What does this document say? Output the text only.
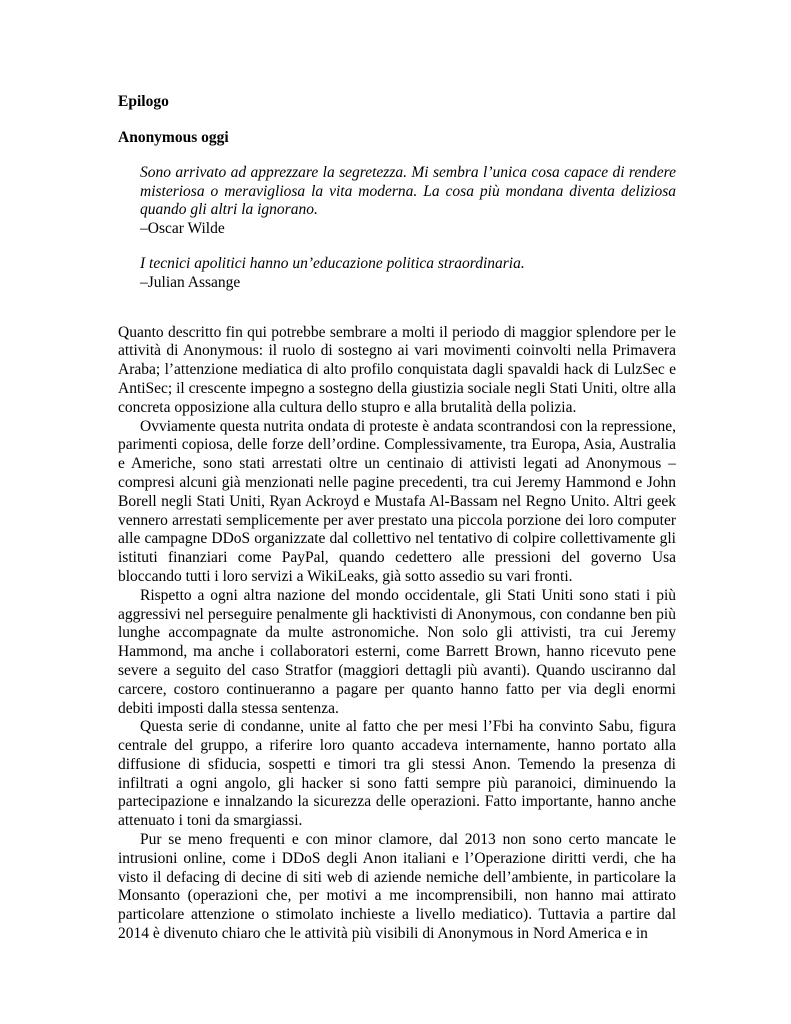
Epilogo
Anonymous oggi

Sono arrivato ad apprezzare la segretezza. Mi sembra l’unica cosa capace di rendere misteriosa o meravigliosa la vita moderna. La cosa più mondana diventa deliziosa quando gli altri la ignorano.

–Oscar Wilde

I tecnici apolitici hanno un’educazione politica straordinaria.

–Julian Assange

Quanto descritto fin qui potrebbe sembrare a molti il periodo di maggior splendore per le attività di Anonymous: il ruolo di sostegno ai vari movimenti coinvolti nella Primavera Araba; l’attenzione mediatica di alto profilo conquistata dagli spavaldi hack di LulzSec e AntiSec; il crescente impegno a sostegno della giustizia sociale negli Stati Uniti, oltre alla concreta opposizione alla cultura dello stupro e alla brutalità della polizia.

Ovviamente questa nutrita ondata di proteste è andata scontrandosi con la repressione, parimenti copiosa, delle forze dell’ordine. Complessivamente, tra Europa, Asia, Australia e Americhe, sono stati arrestati oltre un centinaio di attivisti legati ad Anonymous – compresi alcuni già menzionati nelle pagine precedenti, tra cui Jeremy Hammond e John Borell negli Stati Uniti, Ryan Ackroyd e Mustafa Al-Bassam nel Regno Unito. Altri geek vennero arrestati semplicemente per aver prestato una piccola porzione dei loro computer alle campagne DDoS organizzate dal collettivo nel tentativo di colpire collettivamente gli istituti finanziari come PayPal, quando cedettero alle pressioni del governo Usa bloccando tutti i loro servizi a WikiLeaks, già sotto assedio su vari fronti.

Rispetto a ogni altra nazione del mondo occidentale, gli Stati Uniti sono stati i più aggressivi nel perseguire penalmente gli hacktivisti di Anonymous, con condanne ben più lunghe accompagnate da multe astronomiche. Non solo gli attivisti, tra cui Jeremy Hammond, ma anche i collaboratori esterni, come Barrett Brown, hanno ricevuto pene severe a seguito del caso Stratfor (maggiori dettagli più avanti). Quando usciranno dal carcere, costoro continueranno a pagare per quanto hanno fatto per via degli enormi debiti imposti dalla stessa sentenza.

Questa serie di condanne, unite al fatto che per mesi l’Fbi ha convinto Sabu, figura centrale del gruppo, a riferire loro quanto accadeva internamente, hanno portato alla diffusione di sfiducia, sospetti e timori tra gli stessi Anon. Temendo la presenza di infiltrati a ogni angolo, gli hacker si sono fatti sempre più paranoici, diminuendo la partecipazione e innalzando la sicurezza delle operazioni. Fatto importante, hanno anche attenuato i toni da smargiassi.

Pur se meno frequenti e con minor clamore, dal 2013 non sono certo mancate le intrusioni online, come i DDoS degli Anon italiani e l’Operazione diritti verdi, che ha visto il defacing di decine di siti web di aziende nemiche dell’ambiente, in particolare la Monsanto (operazioni che, per motivi a me incomprensibili, non hanno mai attirato particolare attenzione o stimolato inchieste a livello mediatico). Tuttavia a partire dal 2014 è divenuto chiaro che le attività più visibili di Anonymous in Nord America e in
